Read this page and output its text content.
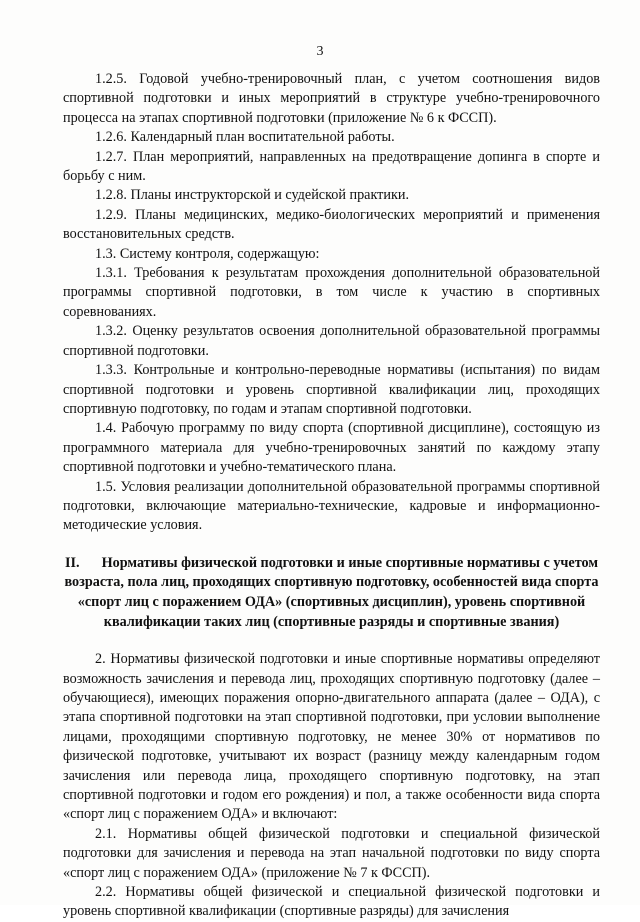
3

1.2.5. Годовой учебно-тренировочный план, с учетом соотношения видов спортивной подготовки и иных мероприятий в структуре учебно-тренировочного процесса на этапах спортивной подготовки (приложение № 6 к ФССП).

1.2.6. Календарный план воспитательной работы.

1.2.7. План мероприятий, направленных на предотвращение допинга в спорте и борьбу с ним.

1.2.8. Планы инструкторской и судейской практики.

1.2.9. Планы медицинских, медико-биологических мероприятий и применения восстановительных средств.

1.3. Систему контроля, содержащую:

1.3.1. Требования к результатам прохождения дополнительной образовательной программы спортивной подготовки, в том числе к участию в спортивных соревнованиях.

1.3.2. Оценку результатов освоения дополнительной образовательной программы спортивной подготовки.

1.3.3. Контрольные и контрольно-переводные нормативы (испытания) по видам спортивной подготовки и уровень спортивной квалификации лиц, проходящих спортивную подготовку, по годам и этапам спортивной подготовки.

1.4. Рабочую программу по виду спорта (спортивной дисциплине), состоящую из программного материала для учебно-тренировочных занятий по каждому этапу спортивной подготовки и учебно-тематического плана.

1.5. Условия реализации дополнительной образовательной программы спортивной подготовки, включающие материально-технические, кадровые и информационно-методические условия.

II. Нормативы физической подготовки и иные спортивные нормативы с учетом возраста, пола лиц, проходящих спортивную подготовку, особенностей вида спорта «спорт лиц с поражением ОДА» (спортивных дисциплин), уровень спортивной квалификации таких лиц (спортивные разряды и спортивные звания)

2. Нормативы физической подготовки и иные спортивные нормативы определяют возможность зачисления и перевода лиц, проходящих спортивную подготовку (далее – обучающиеся), имеющих поражения опорно-двигательного аппарата (далее – ОДА), с этапа спортивной подготовки на этап спортивной подготовки, при условии выполнение лицами, проходящими спортивную подготовку, не менее 30% от нормативов по физической подготовке, учитывают их возраст (разницу между календарным годом зачисления или перевода лица, проходящего спортивную подготовку, на этап спортивной подготовки и годом его рождения) и пол, а также особенности вида спорта «спорт лиц с поражением ОДА» и включают:

2.1. Нормативы общей физической подготовки и специальной физической подготовки для зачисления и перевода на этап начальной подготовки по виду спорта «спорт лиц с поражением ОДА» (приложение № 7 к ФССП).

2.2. Нормативы общей физической и специальной физической подготовки и уровень спортивной квалификации (спортивные разряды) для зачисления
